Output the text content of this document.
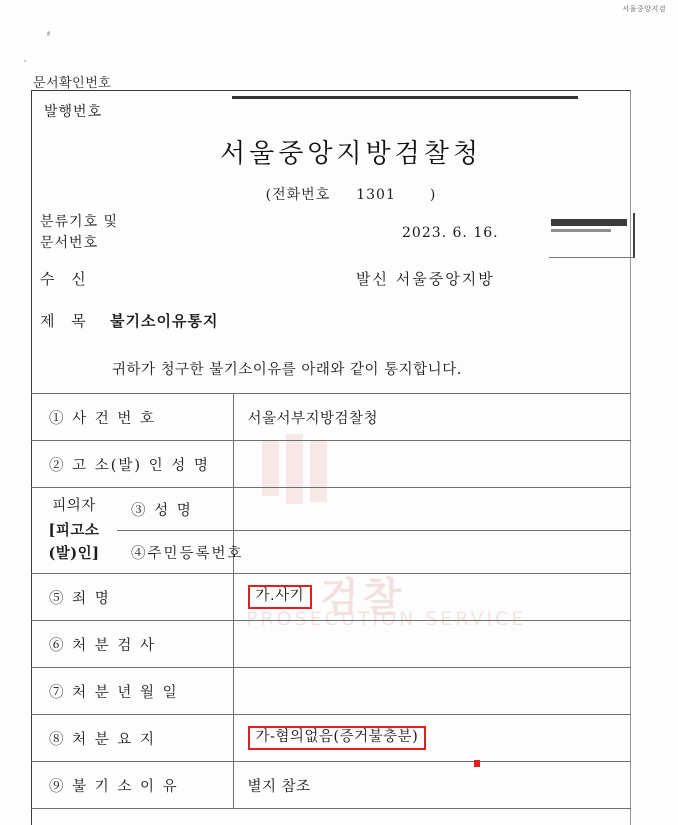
서울중앙지검
문서확인번호
발행번호
서울중앙지방검찰청
(전화번호 1301 )
분류기호 및
문서번호
2023. 6. 16.
수 신	발신 서울중앙지방
제 목 불기소이유통지
귀하가 청구한 불기소이유를 아래와 같이 통지합니다.
검찰
PROSECUTION SERVICE
① 사 건 번 호		서울서부지방검찰청
② 고 소(발) 인 성 명		

피의자
[피고소(발)인]	③ 성 명	
	④주민등록번호	
⑤ 죄 명		가.사기
⑥ 처 분 검 사		
⑦ 처 분 년 월 일		
⑧ 처 분 요 지		가-혐의없음(증거불충분)
⑨ 불 기 소 이 유		별지 참조
